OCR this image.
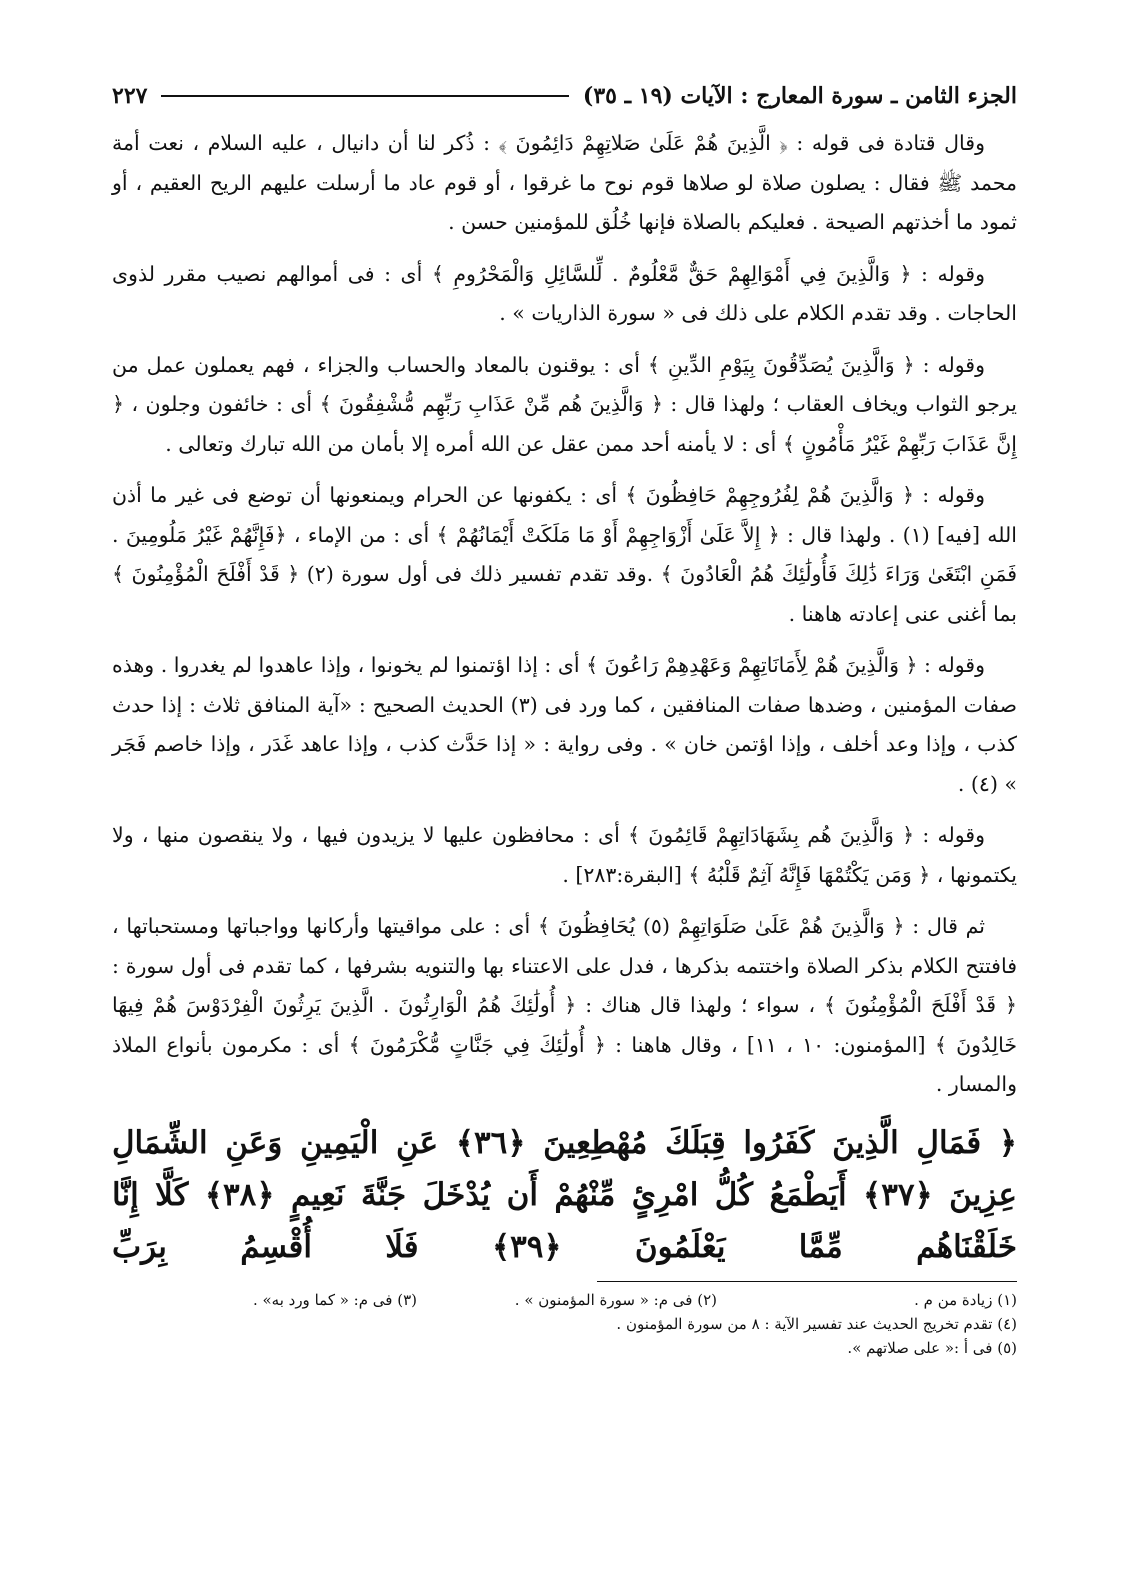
الجزء الثامن ـ سورة المعارج : الآيات (١٩ ـ ٣٥)
٢٢٧

وقال قتادة فى قوله : ﴿ الَّذِينَ هُمْ عَلَىٰ صَلاتِهِمْ دَائِمُونَ ﴾ : ذُكر لنا أن دانيال ، عليه السلام ، نعت أمة محمد ﷺ فقال : يصلون صلاة لو صلاها قوم نوح ما غرقوا ، أو قوم عاد ما أرسلت عليهم الريح العقيم ، أو ثمود ما أخذتهم الصيحة . فعليكم بالصلاة فإنها خُلُق للمؤمنين حسن .

وقوله : ﴿ وَالَّذِينَ فِي أَمْوَالِهِمْ حَقٌّ مَّعْلُومٌ . لِّلسَّائِلِ وَالْمَحْرُومِ ﴾ أى : فى أموالهم نصيب مقرر لذوى الحاجات . وقد تقدم الكلام على ذلك فى « سورة الذاريات » .

وقوله : ﴿ وَالَّذِينَ يُصَدِّقُونَ بِيَوْمِ الدِّينِ ﴾ أى : يوقنون بالمعاد والحساب والجزاء ، فهم يعملون عمل من يرجو الثواب ويخاف العقاب ؛ ولهذا قال : ﴿ وَالَّذِينَ هُم مِّنْ عَذَابِ رَبِّهِم مُّشْفِقُونَ ﴾ أى : خائفون وجلون ، ﴿ إِنَّ عَذَابَ رَبِّهِمْ غَيْرُ مَأْمُونٍ ﴾ أى : لا يأمنه أحد ممن عقل عن الله أمره إلا بأمان من الله تبارك وتعالى .

وقوله : ﴿ وَالَّذِينَ هُمْ لِفُرُوجِهِمْ حَافِظُونَ ﴾ أى : يكفونها عن الحرام ويمنعونها أن توضع فى غير ما أذن الله [فيه] (١) . ولهذا قال : ﴿ إِلاَّ عَلَىٰ أَزْوَاجِهِمْ أَوْ مَا مَلَكَتْ أَيْمَانُهُمْ ﴾ أى : من الإماء ، ﴿فَإِنَّهُمْ غَيْرُ مَلُومِينَ . فَمَنِ ابْتَغَىٰ وَرَاءَ ذَٰلِكَ فَأُولَٰئِكَ هُمُ الْعَادُونَ ﴾ .وقد تقدم تفسير ذلك فى أول سورة (٢) ﴿ قَدْ أَفْلَحَ الْمُؤْمِنُونَ ﴾ بما أغنى عنى إعادته هاهنا .

وقوله : ﴿ وَالَّذِينَ هُمْ لِأَمَانَاتِهِمْ وَعَهْدِهِمْ رَاعُونَ ﴾ أى : إذا اؤتمنوا لم يخونوا ، وإذا عاهدوا لم يغدروا . وهذه صفات المؤمنين ، وضدها صفات المنافقين ، كما ورد فى (٣) الحديث الصحيح : «آية المنافق ثلاث : إذا حدث كذب ، وإذا وعد أخلف ، وإذا اؤتمن خان » . وفى رواية : « إذا حَدَّث كذب ، وإذا عاهد غَدَر ، وإذا خاصم فَجَر » (٤) .

وقوله : ﴿ وَالَّذِينَ هُم بِشَهَادَاتِهِمْ قَائِمُونَ ﴾ أى : محافظون عليها لا يزيدون فيها ، ولا ينقصون منها ، ولا يكتمونها ، ﴿ وَمَن يَكْتُمْهَا فَإِنَّهُ آثِمٌ قَلْبُهُ ﴾ [البقرة:٢٨٣] .

ثم قال : ﴿ وَالَّذِينَ هُمْ عَلَىٰ صَلَوَاتِهِمْ (٥) يُحَافِظُونَ ﴾ أى : على مواقيتها وأركانها وواجباتها ومستحباتها ، فافتتح الكلام بذكر الصلاة واختتمه بذكرها ، فدل على الاعتناء بها والتنويه بشرفها ، كما تقدم فى أول سورة : ﴿ قَدْ أَفْلَحَ الْمُؤْمِنُونَ ﴾ ، سواء ؛ ولهذا قال هناك : ﴿ أُولَٰئِكَ هُمُ الْوَارِثُونَ . الَّذِينَ يَرِثُونَ الْفِرْدَوْسَ هُمْ فِيهَا خَالِدُونَ ﴾ [المؤمنون: ١٠ ، ١١] ، وقال هاهنا : ﴿ أُولَٰئِكَ فِي جَنَّاتٍ مُّكْرَمُونَ ﴾ أى : مكرمون بأنواع الملاذ والمسار .

﴿ فَمَالِ الَّذِينَ كَفَرُوا قِبَلَكَ مُهْطِعِينَ ﴿٣٦﴾ عَنِ الْيَمِينِ وَعَنِ الشِّمَالِ عِزِينَ ﴿٣٧﴾ أَيَطْمَعُ كُلُّ امْرِئٍ مِّنْهُمْ أَن يُدْخَلَ جَنَّةَ نَعِيمٍ ﴿٣٨﴾ كَلَّا إِنَّا خَلَقْنَاهُم مِّمَّا يَعْلَمُونَ ﴿٣٩﴾ فَلَا أُقْسِمُ بِرَبِّ
(١) زيادة من م .
(٢) فى م: « سورة المؤمنون » .
(٣) فى م: « كما ورد به» .
(٤) تقدم تخريج الحديث عند تفسير الآية : ٨ من سورة المؤمنون .
(٥) فى أ :« على صلاتهم ».
